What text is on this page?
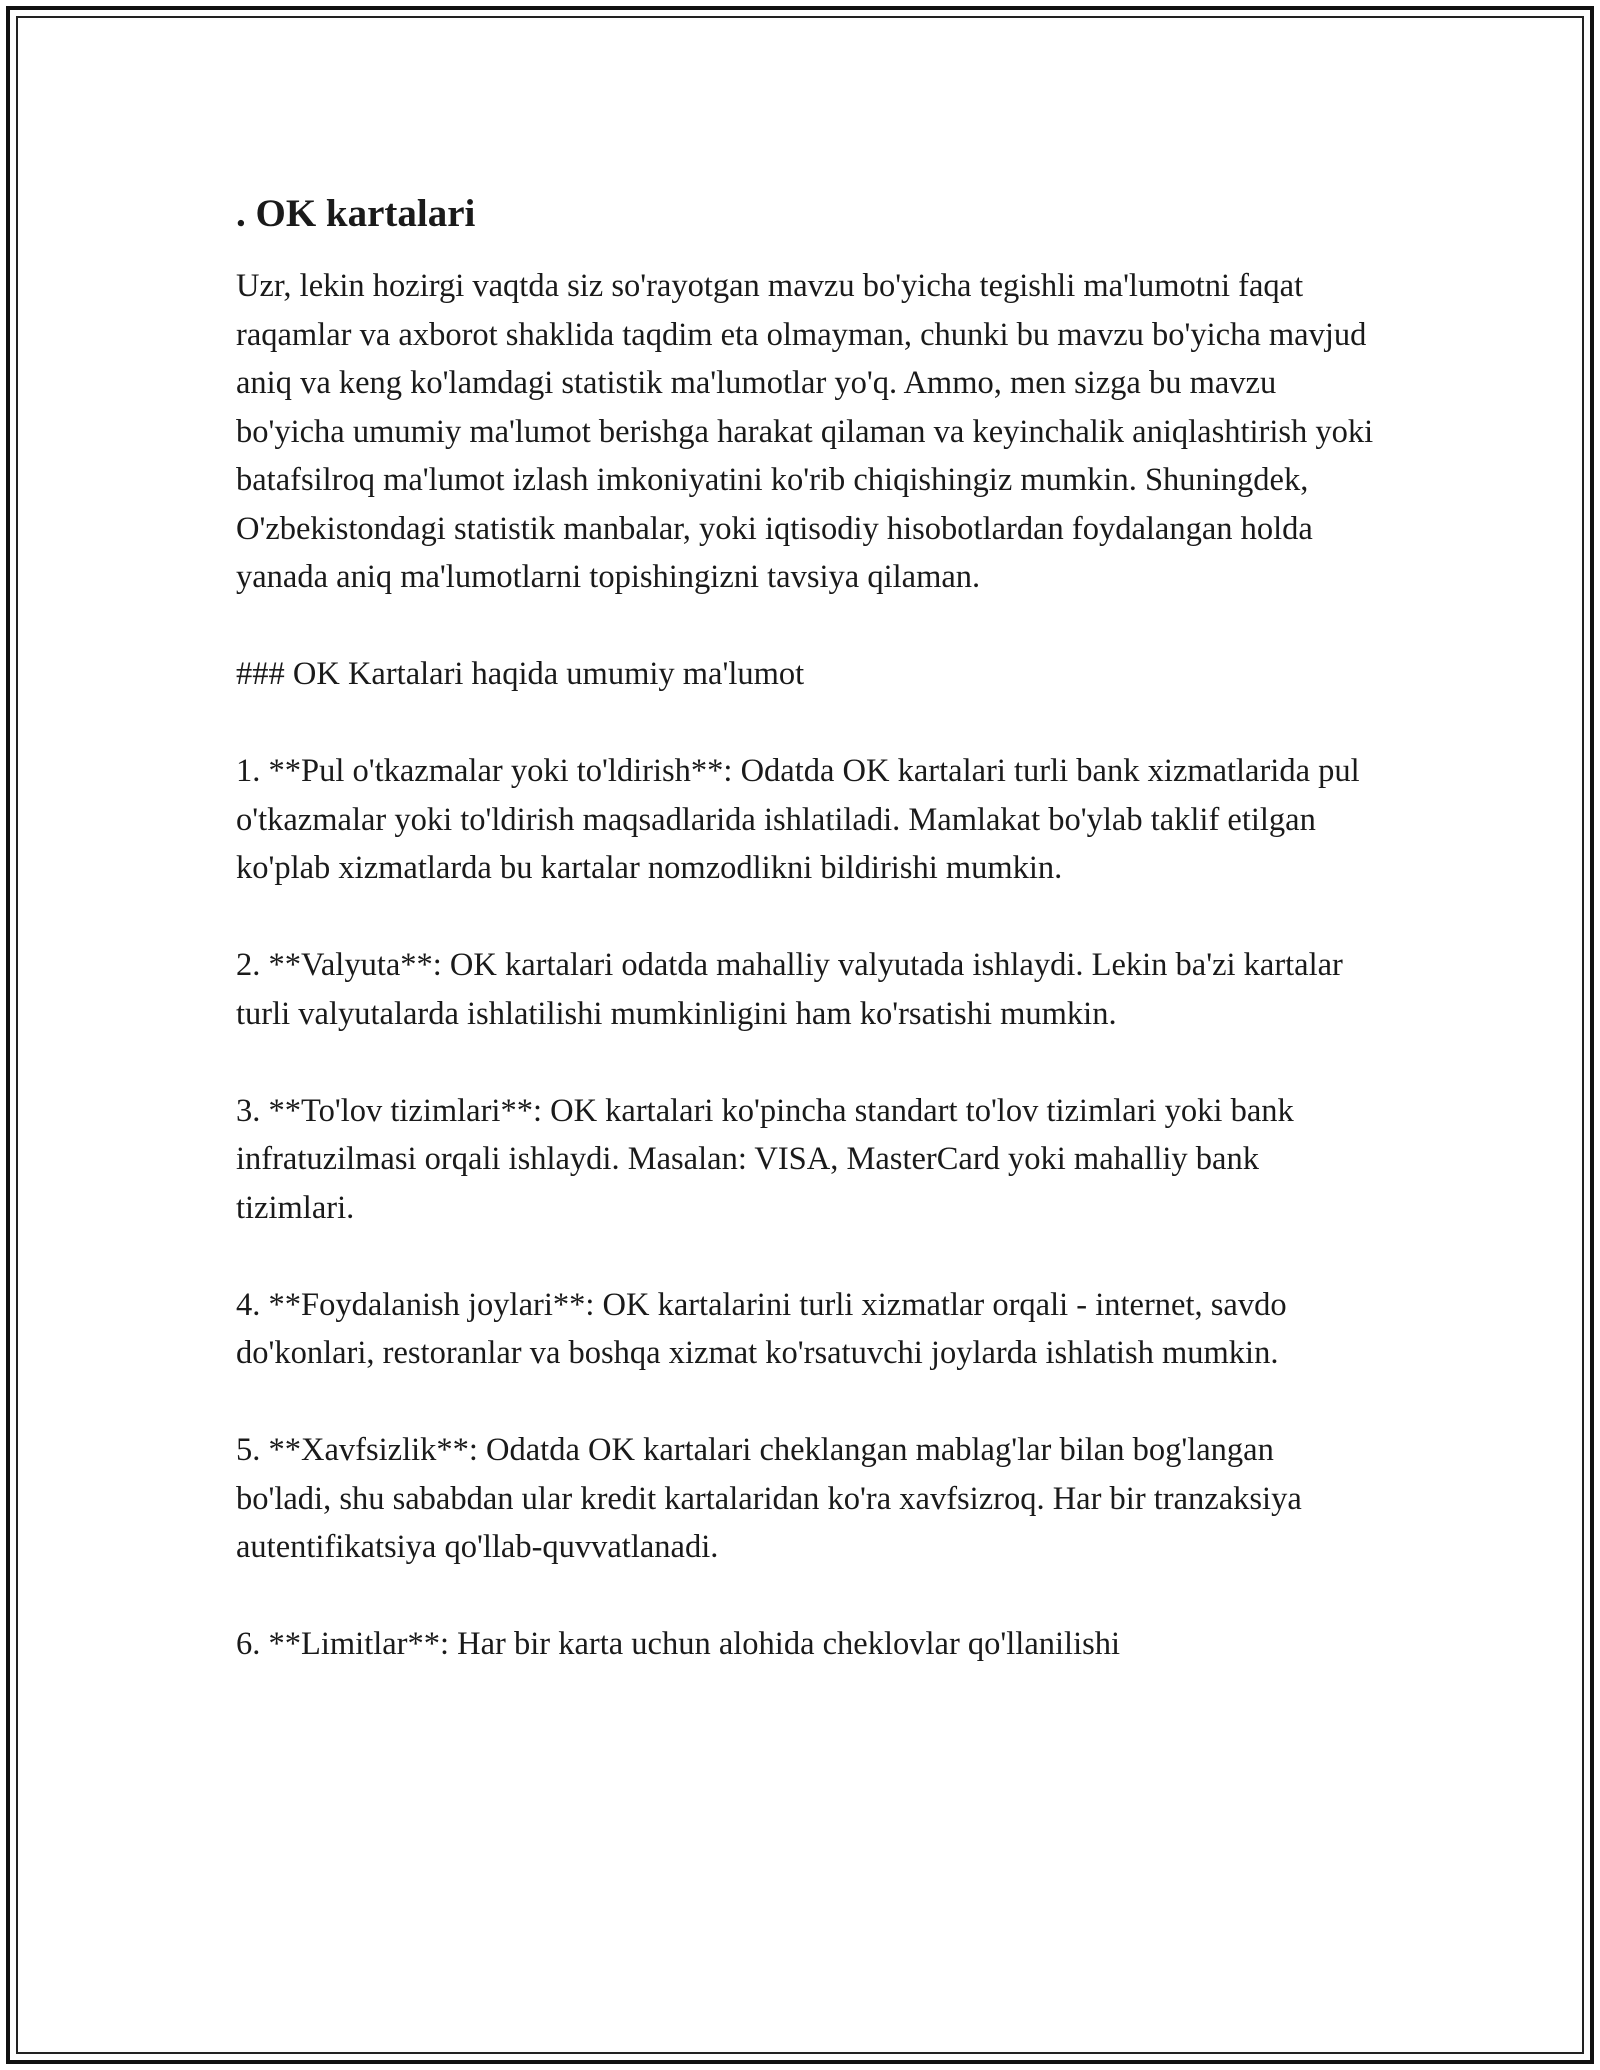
. OK kartalari

Uzr, lekin hozirgi vaqtda siz so'rayotgan mavzu bo'yicha tegishli ma'lumotni faqat raqamlar va axborot shaklida taqdim eta olmayman, chunki bu mavzu bo'yicha mavjud aniq va keng ko'lamdagi statistik ma'lumotlar yo'q. Ammo, men sizga bu mavzu bo'yicha umumiy ma'lumot berishga harakat qilaman va keyinchalik aniqlashtirish yoki batafsilroq ma'lumot izlash imkoniyatini ko'rib chiqishingiz mumkin. Shuningdek, O'zbekistondagi statistik manbalar, yoki iqtisodiy hisobotlardan foydalangan holda yanada aniq ma'lumotlarni topishingizni tavsiya qilaman.

### OK Kartalari haqida umumiy ma'lumot

1. **Pul o'tkazmalar yoki to'ldirish**: Odatda OK kartalari turli bank xizmatlarida pul o'tkazmalar yoki to'ldirish maqsadlarida ishlatiladi. Mamlakat bo'ylab taklif etilgan ko'plab xizmatlarda bu kartalar nomzodlikni bildirishi mumkin.

2. **Valyuta**: OK kartalari odatda mahalliy valyutada ishlaydi. Lekin ba'zi kartalar turli valyutalarda ishlatilishi mumkinligini ham ko'rsatishi mumkin.

3. **To'lov tizimlari**: OK kartalari ko'pincha standart to'lov tizimlari yoki bank infratuzilmasi orqali ishlaydi. Masalan: VISA, MasterCard yoki mahalliy bank tizimlari.

4. **Foydalanish joylari**: OK kartalarini turli xizmatlar orqali - internet, savdo do'konlari, restoranlar va boshqa xizmat ko'rsatuvchi joylarda ishlatish mumkin.

5. **Xavfsizlik**: Odatda OK kartalari cheklangan mablag'lar bilan bog'langan bo'ladi, shu sababdan ular kredit kartalaridan ko'ra xavfsizroq. Har bir tranzaksiya autentifikatsiya qo'llab-quvvatlanadi.

6. **Limitlar**: Har bir karta uchun alohida cheklovlar qo'llanilishi
